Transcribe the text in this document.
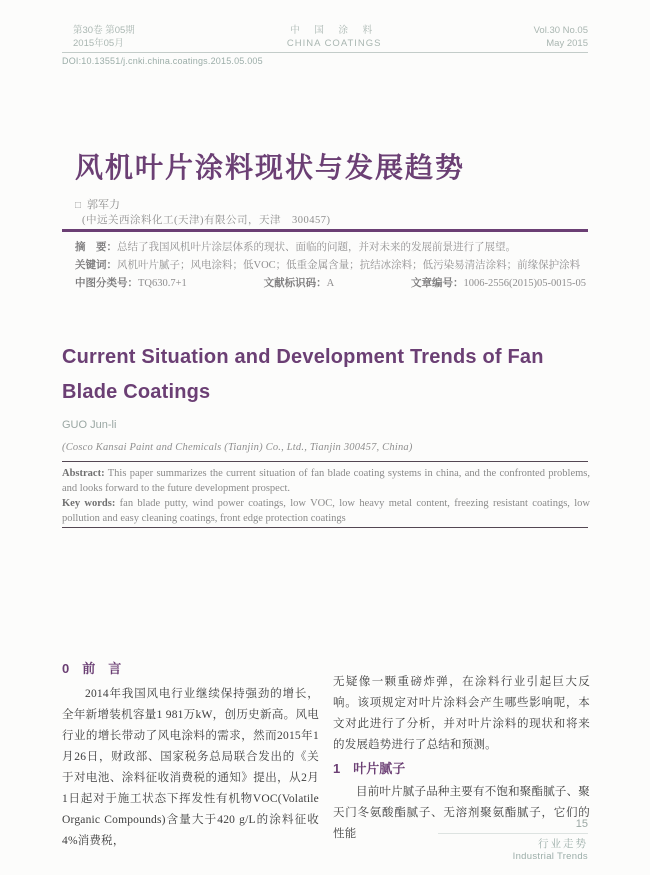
第30卷 第05期
2015年05月
中 国 涂 料
CHINA COATINGS
Vol.30 No.05
May 2015
DOI:10.13551/j.cnki.china.coatings.2015.05.005
风机叶片涂料现状与发展趋势
□ 郭军力
(中远关西涂料化工(天津)有限公司，天津　300457)
摘　要：总结了我国风机叶片涂层体系的现状、面临的问题，并对未来的发展前景进行了展望。
关键词：风机叶片腻子；风电涂料；低VOC；低重金属含量；抗结冰涂料；低污染易清洁涂料；前缘保护涂料
中图分类号：TQ630.7+1	文献标识码：A	文章编号：1006-2556(2015)05-0015-05
Current Situation and Development Trends of Fan Blade Coatings
GUO Jun-li
(Cosco Kansai Paint and Chemicals (Tianjin) Co., Ltd., Tianjin 300457, China)

Abstract: This paper summarizes the current situation of fan blade coating systems in china, and the confronted problems, and looks forward to the future development prospect.

Key words: fan blade putty, wind power coatings, low VOC, low heavy metal content, freezing resistant coatings, low pollution and easy cleaning coatings, front edge protection coatings

0　前　言

2014年我国风电行业继续保持强劲的增长，全年新增装机容量1 981万kW，创历史新高。风电行业的增长带动了风电涂料的需求，然而2015年1月26日，财政部、国家税务总局联合发出的《关于对电池、涂料征收消费税的通知》提出，从2月1日起对于施工状态下挥发性有机物VOC(Volatile Organic Compounds)含量大于420 g/L的涂料征收4%消费税，

无疑像一颗重磅炸弹，在涂料行业引起巨大反响。该项规定对叶片涂料会产生哪些影响呢，本文对此进行了分析，并对叶片涂料的现状和将来的发展趋势进行了总结和预测。

1　叶片腻子

目前叶片腻子品种主要有不饱和聚酯腻子、聚天门冬氨酸酯腻子、无溶剂聚氨酯腻子，它们的性能

15
行业走势
Industrial Trends
